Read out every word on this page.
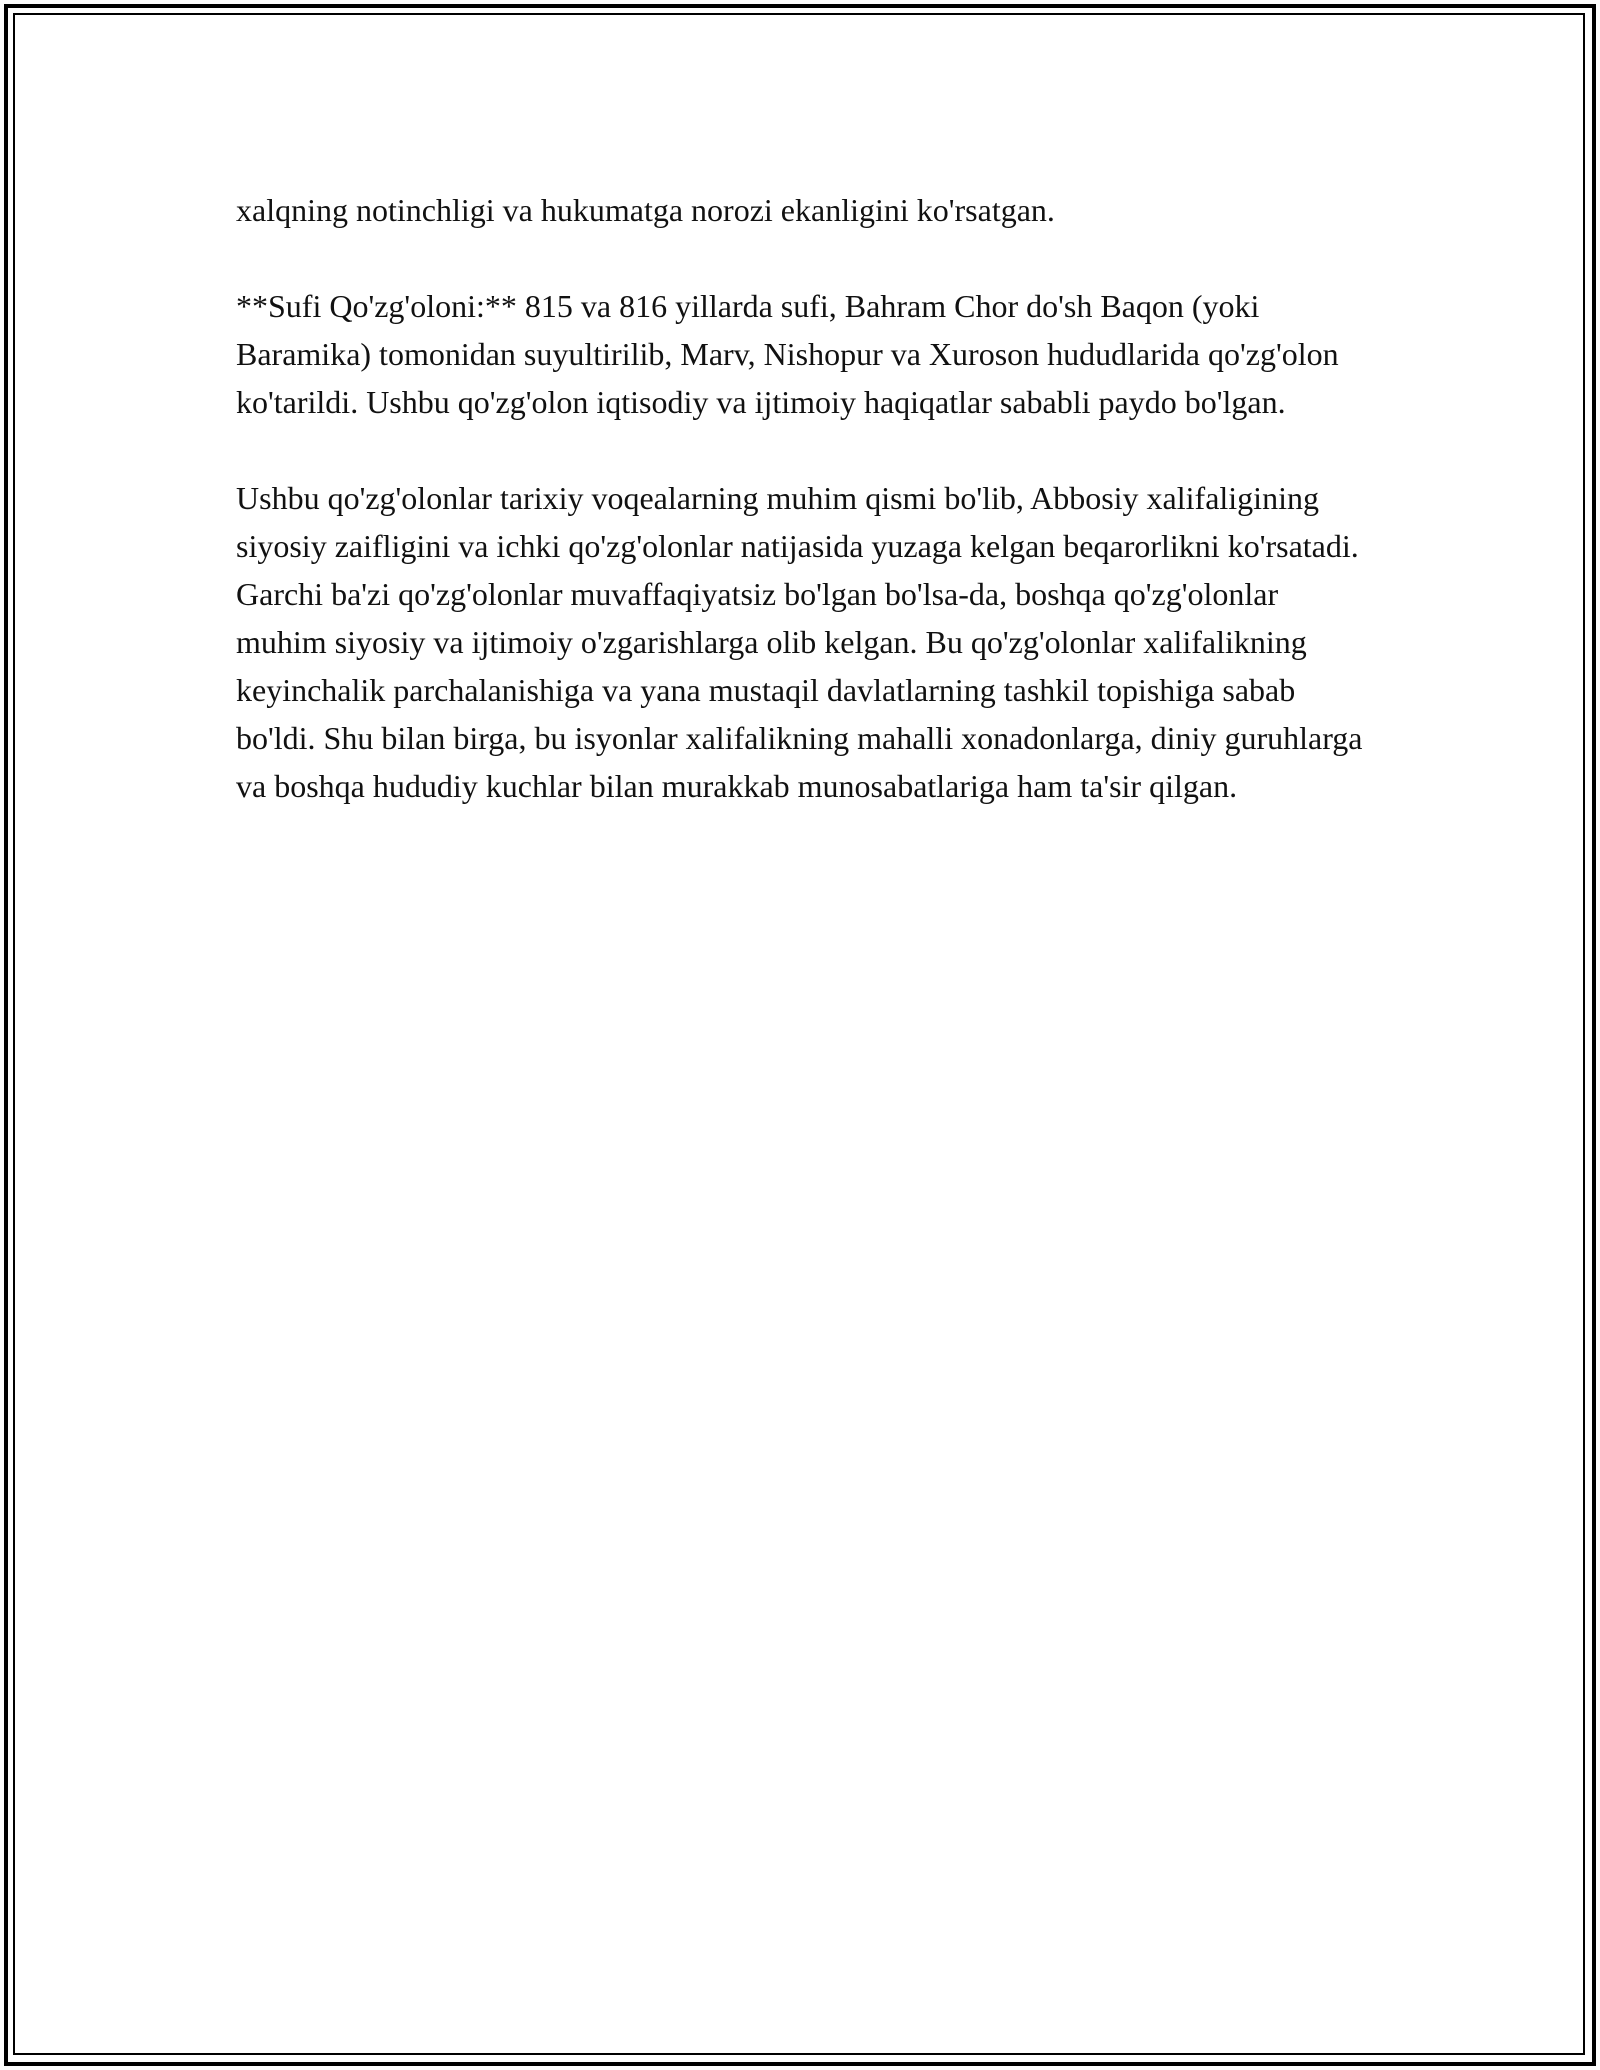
xalqning notinchligi va hukumatga norozi ekanligini ko'rsatgan.

**Sufi Qo'zg'oloni:** 815 va 816 yillarda sufi, Bahram Chor do'sh Baqon (yoki Baramika) tomonidan suyultirilib, Marv, Nishopur va Xuroson hududlarida qo'zg'olon ko'tarildi. Ushbu qo'zg'olon iqtisodiy va ijtimoiy haqiqatlar sababli paydo bo'lgan.

Ushbu qo'zg'olonlar tarixiy voqealarning muhim qismi bo'lib, Abbosiy xalifaligining siyosiy zaifligini va ichki qo'zg'olonlar natijasida yuzaga kelgan beqarorlikni ko'rsatadi. Garchi ba'zi qo'zg'olonlar muvaffaqiyatsiz bo'lgan bo'lsa-da, boshqa qo'zg'olonlar muhim siyosiy va ijtimoiy o'zgarishlarga olib kelgan. Bu qo'zg'olonlar xalifalikning keyinchalik parchalanishiga va yana mustaqil davlatlarning tashkil topishiga sabab bo'ldi. Shu bilan birga, bu isyonlar xalifalikning mahalli xonadonlarga, diniy guruhlarga va boshqa hududiy kuchlar bilan murakkab munosabatlariga ham ta'sir qilgan.
